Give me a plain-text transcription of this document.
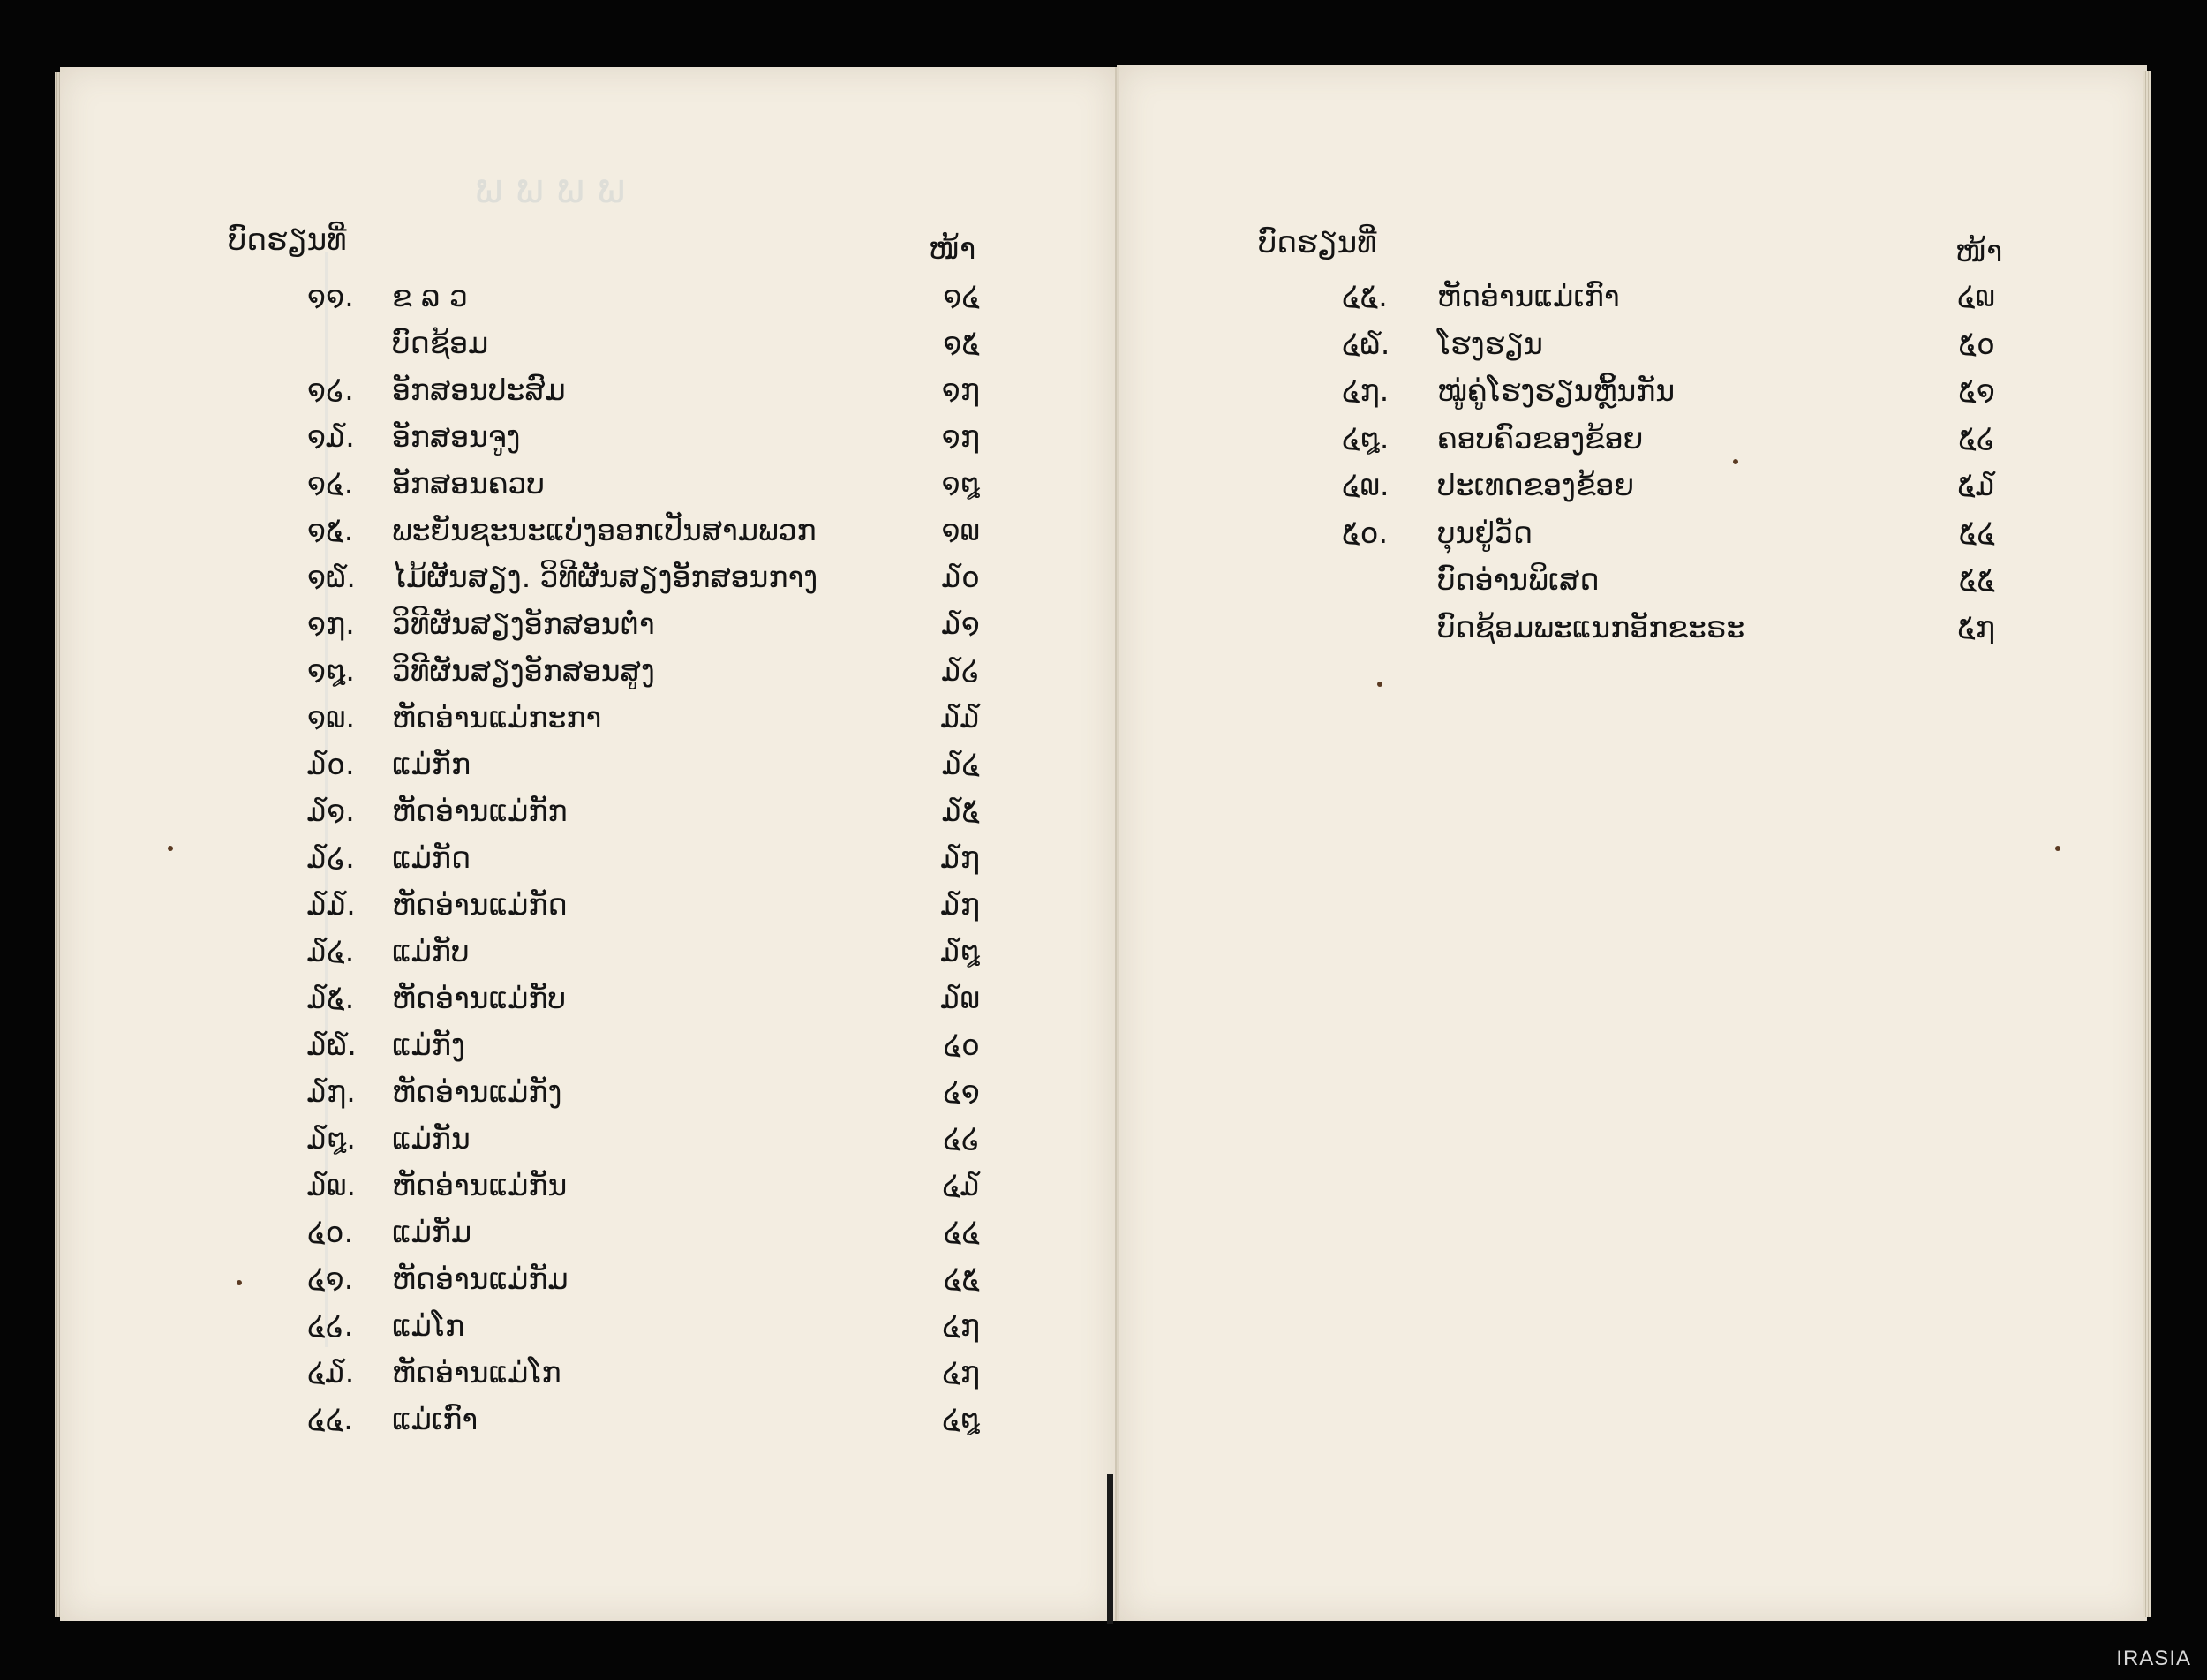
ພ ພ ພ ພ
ບົດຮຽນທີ່	ໜ້າ
໑໑.	ຂ ລ ວ	໑໔
ບົດຊ້ອມ	໑໕
໑໒.	ອັກສອນປະສົມ	໑໗
໑໓.	ອັກສອນຈູງ	໑໗
໑໔.	ອັກສອນຄວບ	໑໘
໑໕.	ພະຍັນຊະນະແບ່ງອອກເປັນສາມພວກ	໑໙
໑໖.	ໄມ້ຜັນສຽງ. ວິທີຜັນສຽງອັກສອນກາງ	໓໐
໑໗.	ວິທີຜັນສຽງອັກສອນຕ່ຳ	໓໑
໑໘.	ວິທີຜັນສຽງອັກສອນສູງ	໓໒
໑໙.	ຫັດອ່ານແມ່ກະກາ	໓໓
໓໐.	ແມ່ກັກ	໓໔
໓໑.	ຫັດອ່ານແມ່ກັກ	໓໕
໓໒.	ແມ່ກັດ	໓໗
໓໓.	ຫັດອ່ານແມ່ກັດ	໓໗
໓໔.	ແມ່ກັບ	໓໘
໓໕.	ຫັດອ່ານແມ່ກັບ	໓໙
໓໖.	ແມ່ກັງ	໔໐
໓໗.	ຫັດອ່ານແມ່ກັງ	໔໑
໓໘.	ແມ່ກັນ	໔໒
໓໙.	ຫັດອ່ານແມ່ກັນ	໔໓
໔໐.	ແມ່ກັມ	໔໔
໔໑.	ຫັດອ່ານແມ່ກັມ	໔໕
໔໒.	ແມ່ໂກ	໔໗
໔໓.	ຫັດອ່ານແມ່ໂກ	໔໗
໔໔.	ແມ່ເກົາ	໔໘
ບົດຮຽນທີ່	ໜ້າ
໔໕.	ຫັດອ່ານແມ່ເກົາ	໔໙
໔໖.	ໂຮງຮຽນ	໕໐
໔໗.	ໝູ່ຄູ່ໂຮງຮຽນຫຼິ້ນກັນ	໕໑
໔໘.	ຄອບຄົວຂອງຂ້ອຍ	໕໒
໔໙.	ປະເທດຂອງຂ້ອຍ	໕໓
໕໐.	ບຸນຢູ່ວັດ	໕໔
ບົດອ່ານພິເສດ	໕໕
ບົດຊ້ອມພະແນກອັກຂະຣະ	໕໗
IRASIA
